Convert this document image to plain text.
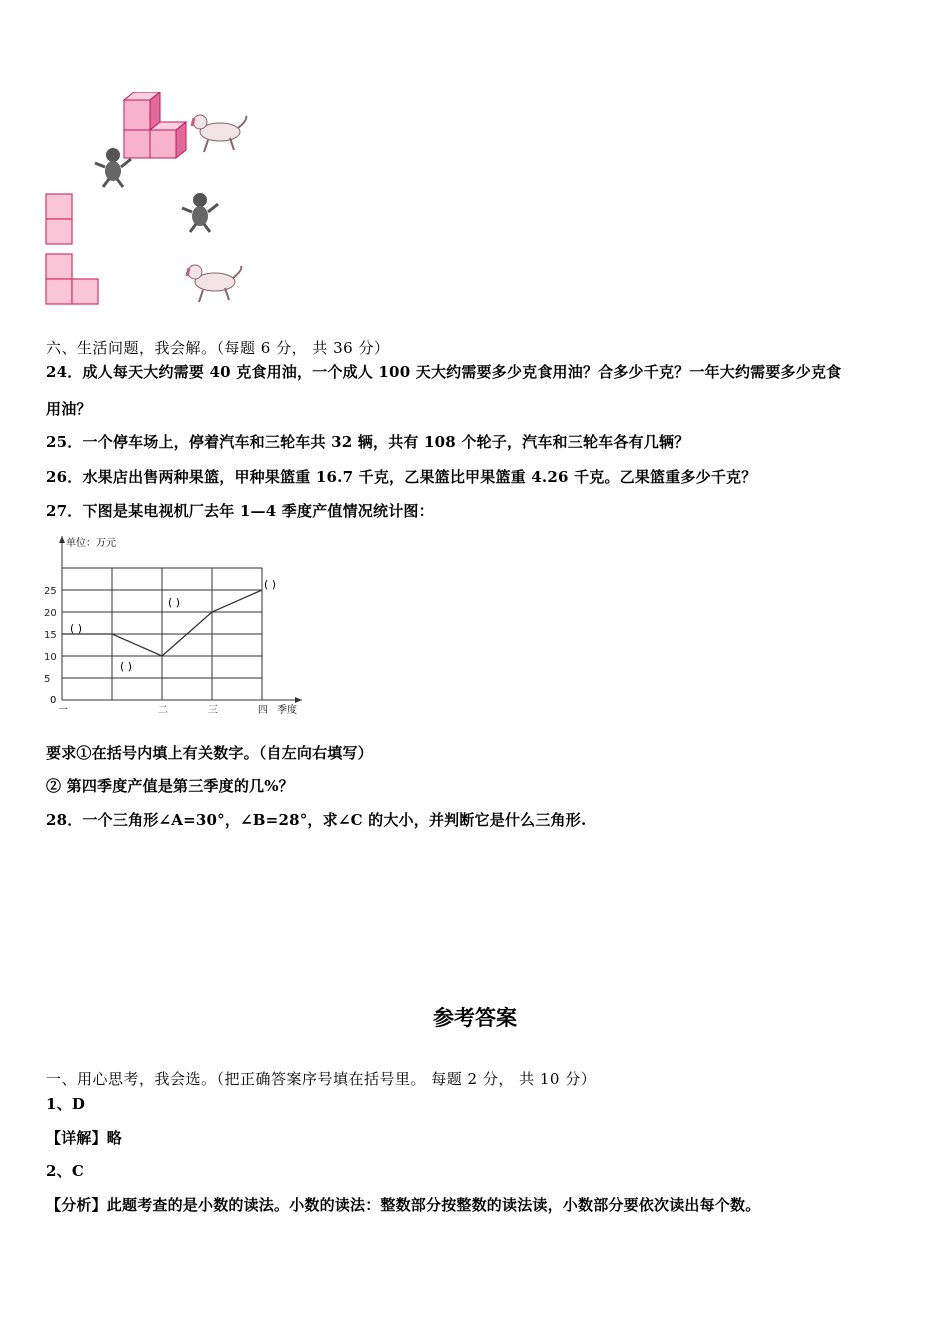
六、生活问题，我会解。（每题 6 分， 共 36 分）
24．成人每天大约需要 40 克食用油，一个成人 100 天大约需要多少克食用油？合多少千克？一年大约需要多少克食
用油？
25．一个停车场上，停着汽车和三轮车共 32 辆，共有 108 个轮子，汽车和三轮车各有几辆？
26．水果店出售两种果篮，甲种果篮重 16.7 千克，乙果篮比甲果篮重 4.26 千克。乙果篮重多少千克？
27．下图是某电视机厂去年 1—4 季度产值情况统计图：
5
10
15
20
25
一	二	三	四
单位：万元
0
季度
( )
( )
( )
( )
要求①在括号内填上有关数字。（自左向右填写）
② 第四季度产值是第三季度的几%？
28．一个三角形∠A=30°，∠B=28°，求∠C 的大小，并判断它是什么三角形.
参考答案
一、用心思考，我会选。（把正确答案序号填在括号里。 每题 2 分， 共 10 分）
1、D
【详解】略
2、C
【分析】此题考查的是小数的读法。小数的读法：整数部分按整数的读法读，小数部分要依次读出每个数。
